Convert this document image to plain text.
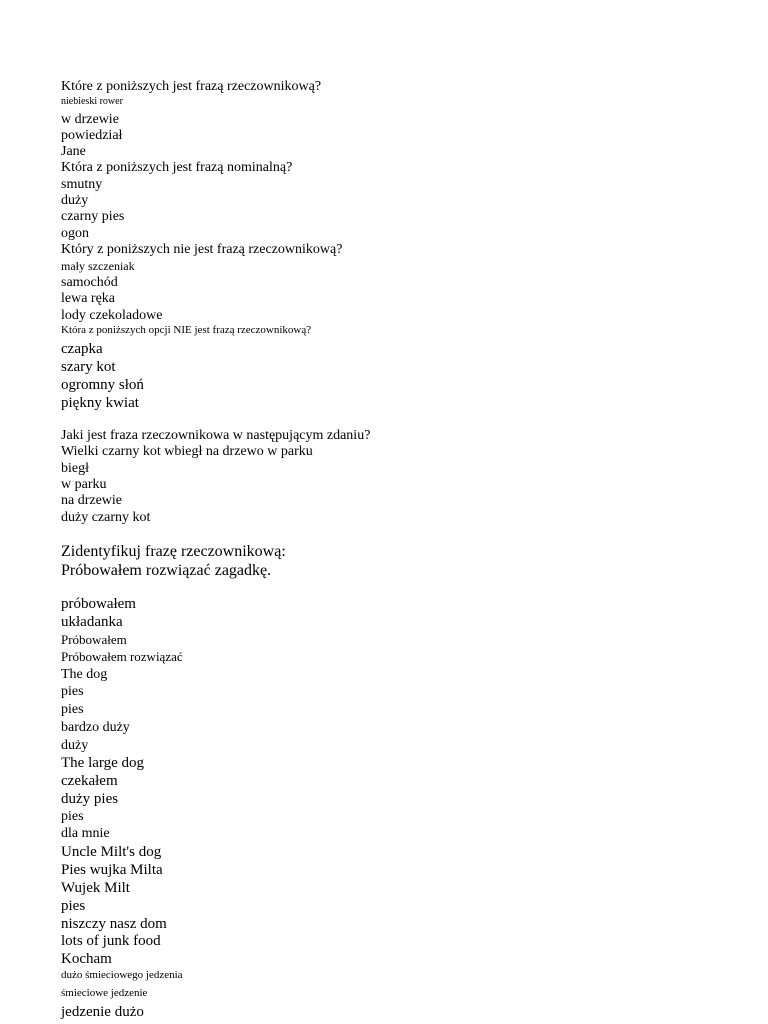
Które z poniższych jest frazą rzeczownikową?
niebieski rower
w drzewie
powiedział
Jane
Która z poniższych jest frazą nominalną?
smutny
duży
czarny pies
ogon
Który z poniższych nie jest frazą rzeczownikową?
mały szczeniak
samochód
lewa ręka
lody czekoladowe
Która z poniższych opcji NIE jest frazą rzeczownikową?
czapka
szary kot
ogromny słoń
piękny kwiat
Jaki jest fraza rzeczownikowa w następującym zdaniu?
Wielki czarny kot wbiegł na drzewo w parku
biegł
w parku
na drzewie
duży czarny kot
Zidentyfikuj frazę rzeczownikową:
Próbowałem rozwiązać zagadkę.
próbowałem
układanka
Próbowałem
Próbowałem rozwiązać
The dog
pies
pies
bardzo duży
duży
The large dog
czekałem
duży pies
pies
dla mnie
Uncle Milt's dog
Pies wujka Milta
Wujek Milt
pies
niszczy nasz dom
lots of junk food
Kocham
dużo śmieciowego jedzenia
śmieciowe jedzenie
jedzenie dużo
